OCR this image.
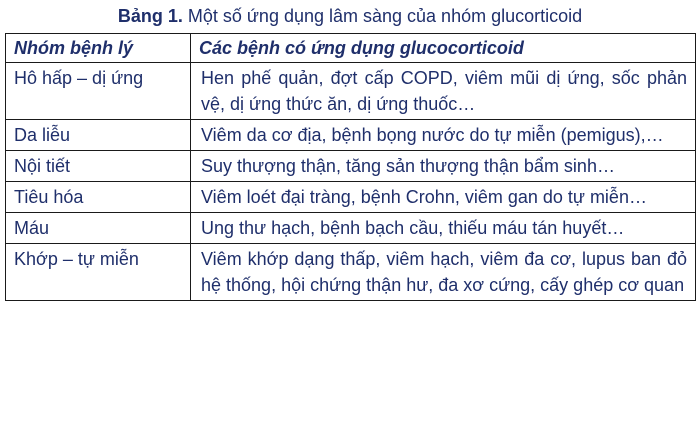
Bảng 1. Một số ứng dụng lâm sàng của nhóm glucorticoid
Nhóm bệnh lý	Các bệnh có ứng dụng glucocorticoid
Hô hấp – dị ứng	Hen phế quản, đợt cấp COPD, viêm mũi dị ứng, sốc phản vệ, dị ứng thức ăn, dị ứng thuốc…
Da liễu	Viêm da cơ địa, bệnh bọng nước do tự miễn (pemigus),…
Nội tiết	Suy thượng thận, tăng sản thượng thận bẩm sinh…
Tiêu hóa	Viêm loét đại tràng, bệnh Crohn, viêm gan do tự miễn…
Máu	Ung thư hạch, bệnh bạch cầu, thiếu máu tán huyết…
Khớp – tự miễn	Viêm khớp dạng thấp, viêm hạch, viêm đa cơ, lupus ban đỏ hệ thống, hội chứng thận hư, đa xơ cứng, cấy ghép cơ quan
